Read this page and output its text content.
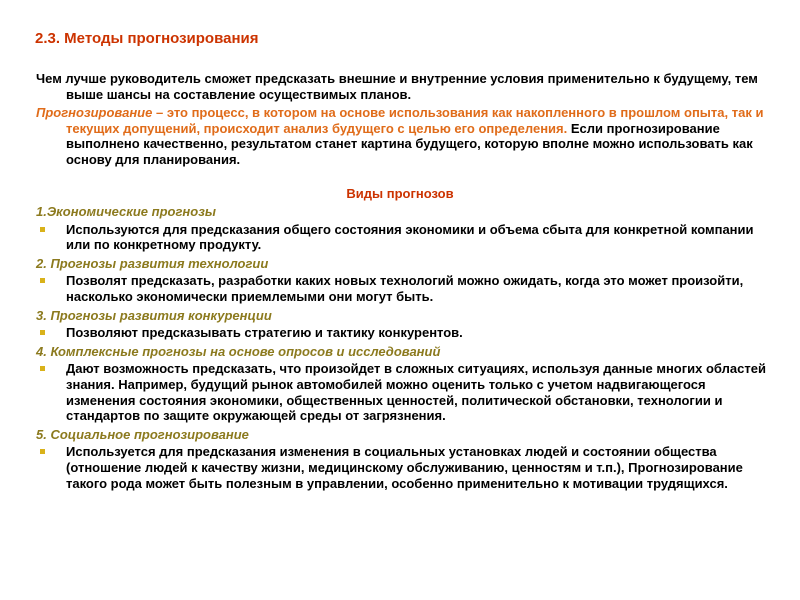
2.3. Методы прогнозирования

Чем лучше руководитель сможет предсказать внешние и внутренние условия применительно к будущему, тем выше шансы на составление осуществимых планов.

Прогнозирование – это процесс, в котором на основе использования как накопленного в прошлом опыта, так и текущих допущений, происходит анализ будущего с целью его определения. Если прогнозирование выполнено качественно, результатом станет картина будущего, которую вполне можно использовать как основу для планирования.

Виды прогнозов
1.Экономические прогнозы
Используются для предсказания общего состояния экономики и объема сбыта для конкретной компании или по конкретному продукту.
2. Прогнозы развития технологии
Позволят предсказать, разработки каких новых технологий можно ожидать, когда это может произойти, насколько экономически приемлемыми они могут быть.
3. Прогнозы развития конкуренции
Позволяют предсказывать стратегию и тактику конкурентов.
4. Комплексные прогнозы на основе опросов и исследований
Дают возможность предсказать, что произойдет в сложных ситуациях, используя данные многих областей знания. Например, будущий рынок автомобилей можно оценить только с учетом надвигающегося изменения состояния экономики, общественных ценностей, политической обстановки, технологии и стандартов по защите окружающей среды от загрязнения.
5. Социальное прогнозирование
Используется для предсказания изменения в социальных установках людей и состоянии общества (отношение людей к качеству жизни, медицинскому обслуживанию, ценностям и т.п.), Прогнозирование такого рода может быть полезным в управлении, особенно применительно к мотивации трудящихся.
